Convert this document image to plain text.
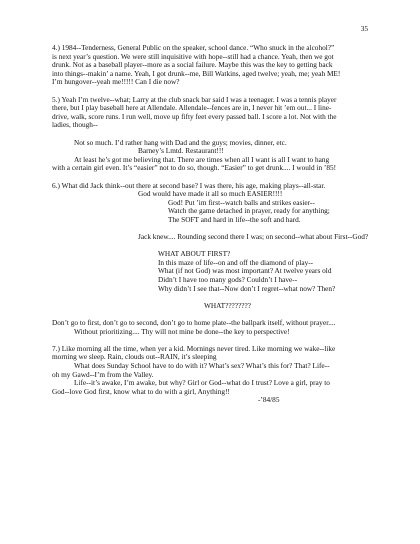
35
4.) 1984--Tenderness, General Public on the speaker, school dance. “Who snuck in the alcohol?”
is next year’s question. We were still inquisitive with hope--still had a chance. Yeah, then we got
drunk. Not as a baseball player--more as a social failure. Maybe this was the key to getting back
into things--makin’ a name. Yeah, I got drunk--me, Bill Watkins, aged twelve; yeah, me; yeah ME!
I’m hungover--yeah me!!!!! Can I die now?
5.) Yeah I’m twelve--what; Larry at the club snack bar said I was a teenager. I was a tennis player
there, but I play baseball here at Allendale. Allendale--fences are in, I never hit ’em out... I line-
drive, walk, score runs. I run well, move up fifty feet every passed ball. I score a lot. Not with the
ladies, though--
Not so much. I’d rather hang with Dad and the guys; movies, dinner, etc.
Barney’s Lmtd. Restaurant!!!
At least he’s got me believing that. There are times when all I want is all I want to hang
with a certain girl even. It’s “easier” not to do so, though. “Easier” to get drunk.... I would in ’85!
6.) What did Jack think--out there at second base? I was there, his age, making plays--all-star.
God would have made it all so much EASIER!!!!
God! Put ’im first--watch balls and strikes easier--
Watch the game detached in prayer, ready for anything;
The SOFT and hard in life--the soft and hard.
Jack knew.... Rounding second there I was; on second--what about First--God?
WHAT ABOUT FIRST?
In this maze of life--on and off the diamond of play--
What (if not God) was most important? At twelve years old
Didn’t I have too many gods? Couldn’t I have--
Why didn’t I see that--Now don’t I regret--what now? Then?
WHAT????????
Don’t go to first, don’t go to second, don’t go to home plate--the ballpark itself, without prayer....
Without prioritizing.... Thy will not mine be done--the key to perspective!
7.) Like morning all the time, when yer a kid. Mornings never tired. Like morning we wake--like
morning we sleep. Rain, clouds out--RAIN, it’s sleeping
What does Sunday School have to do with it? What’s sex? What’s this for? That? Life--
oh my Gawd--I’m from the Valley.
Life--it’s awake, I’m awake, but why? Girl or God--what do I trust? Love a girl, pray to
God--love God first, know what to do with a girl, Anything!!
-’84/85
